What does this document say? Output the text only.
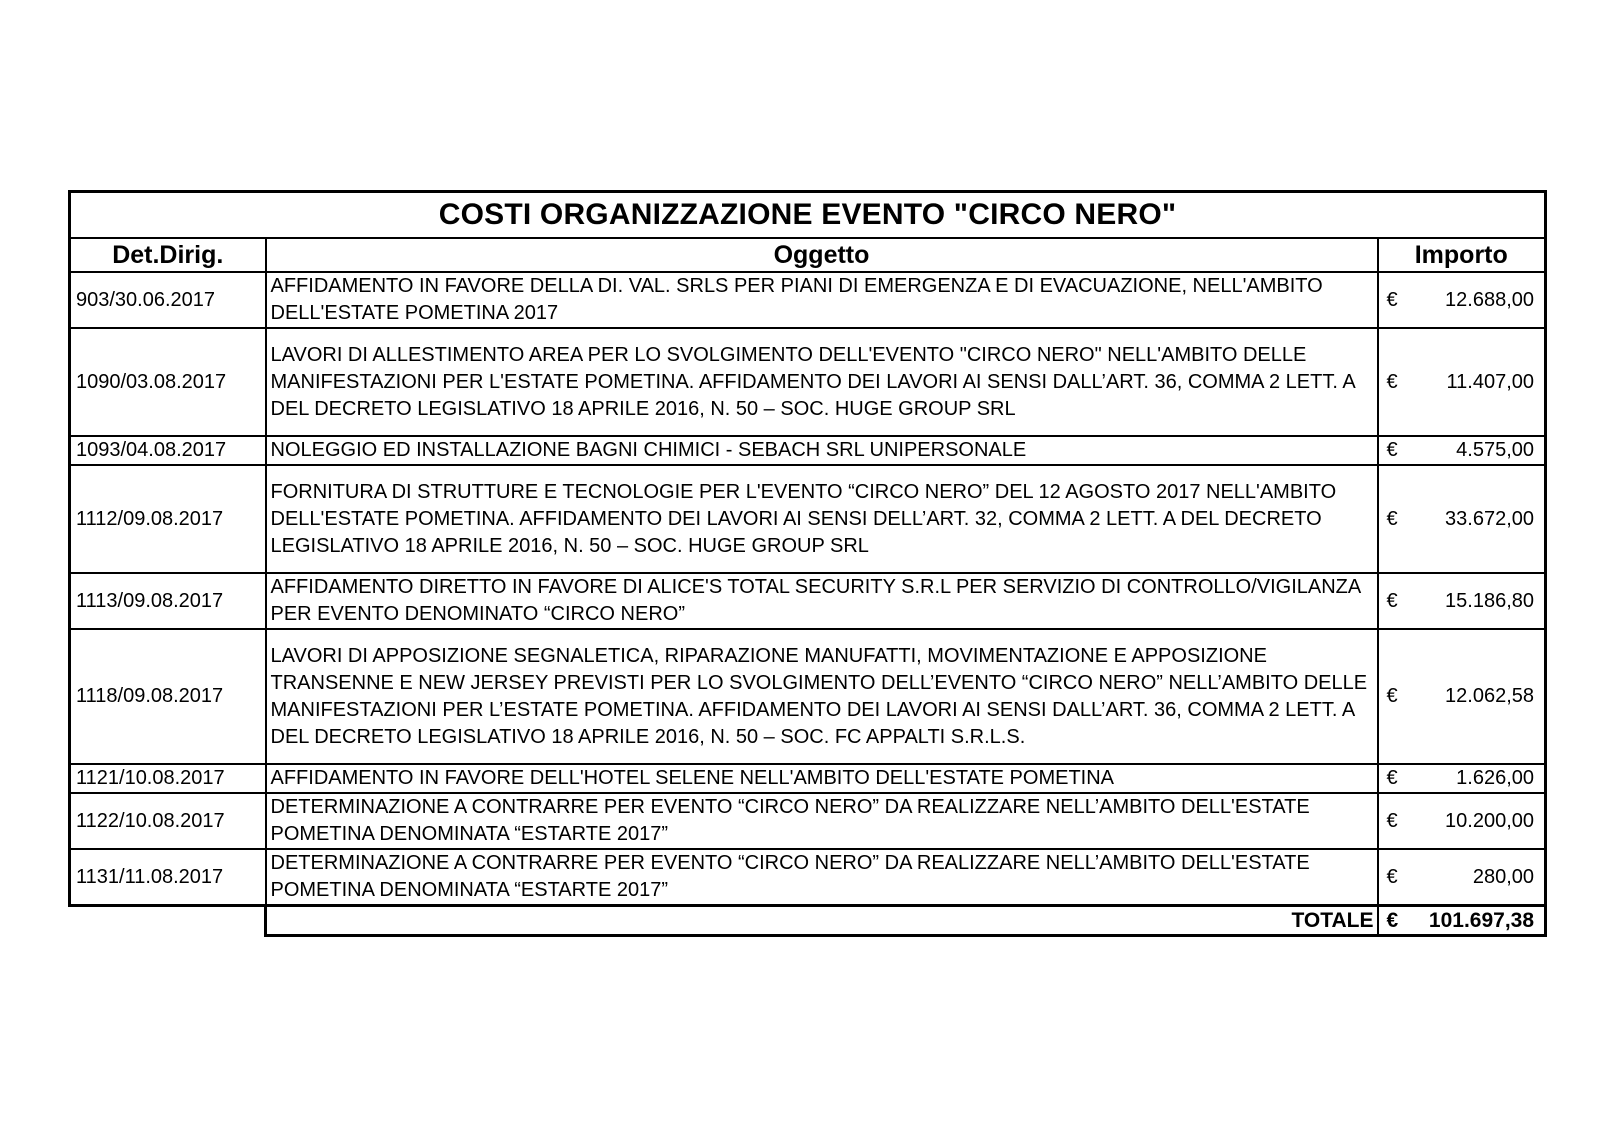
COSTI ORGANIZZAZIONE EVENTO "CIRCO NERO"		
Det.Dirig.	Oggetto	Importo
903/30.06.2017	AFFIDAMENTO IN FAVORE DELLA DI. VAL. SRLS PER PIANI DI EMERGENZA E DI EVACUAZIONE, NELL'AMBITO DELL'ESTATE POMETINA 2017	€ 12.688,00

1090/03.08.2017	LAVORI DI ALLESTIMENTO AREA PER LO SVOLGIMENTO DELL'EVENTO "CIRCO NERO" NELL'AMBITO DELLE MANIFESTAZIONI PER L'ESTATE POMETINA. AFFIDAMENTO DEI LAVORI AI SENSI DALL’ART. 36, COMMA 2 LETT. A DEL DECRETO LEGISLATIVO 18 APRILE 2016, N. 50 – SOC. HUGE GROUP SRL	€ 11.407,00

1093/04.08.2017	NOLEGGIO ED INSTALLAZIONE BAGNI CHIMICI - SEBACH SRL UNIPERSONALE	€ 4.575,00

1112/09.08.2017	FORNITURA DI STRUTTURE E TECNOLOGIE PER L'EVENTO “CIRCO NERO” DEL 12 AGOSTO 2017 NELL'AMBITO DELL'ESTATE POMETINA. AFFIDAMENTO DEI LAVORI AI SENSI DELL’ART. 32, COMMA 2 LETT. A DEL DECRETO LEGISLATIVO 18 APRILE 2016, N. 50 – SOC. HUGE GROUP SRL	€ 33.672,00

1113/09.08.2017	AFFIDAMENTO DIRETTO IN FAVORE DI ALICE'S TOTAL SECURITY S.R.L PER SERVIZIO DI CONTROLLO/VIGILANZA PER EVENTO DENOMINATO “CIRCO NERO”	€ 15.186,80

1118/09.08.2017	LAVORI DI APPOSIZIONE SEGNALETICA, RIPARAZIONE MANUFATTI, MOVIMENTAZIONE E APPOSIZIONE TRANSENNE E NEW JERSEY PREVISTI PER LO SVOLGIMENTO DELL’EVENTO “CIRCO NERO” NELL’AMBITO DELLE MANIFESTAZIONI PER L’ESTATE POMETINA. AFFIDAMENTO DEI LAVORI AI SENSI DALL’ART. 36, COMMA 2 LETT. A DEL DECRETO LEGISLATIVO 18 APRILE 2016, N. 50 – SOC. FC APPALTI S.R.L.S.	€ 12.062,58

1121/10.08.2017	AFFIDAMENTO IN FAVORE DELL'HOTEL SELENE NELL'AMBITO DELL'ESTATE POMETINA	€ 1.626,00

1122/10.08.2017	DETERMINAZIONE A CONTRARRE PER EVENTO “CIRCO NERO” DA REALIZZARE NELL’AMBITO DELL'ESTATE POMETINA DENOMINATA “ESTARTE 2017”	€ 10.200,00

1131/11.08.2017	DETERMINAZIONE A CONTRARRE PER EVENTO “CIRCO NERO” DA REALIZZARE NELL’AMBITO DELL'ESTATE POMETINA DENOMINATA “ESTARTE 2017”	€ 280,00

	TOTALE	€ 101.697,38
